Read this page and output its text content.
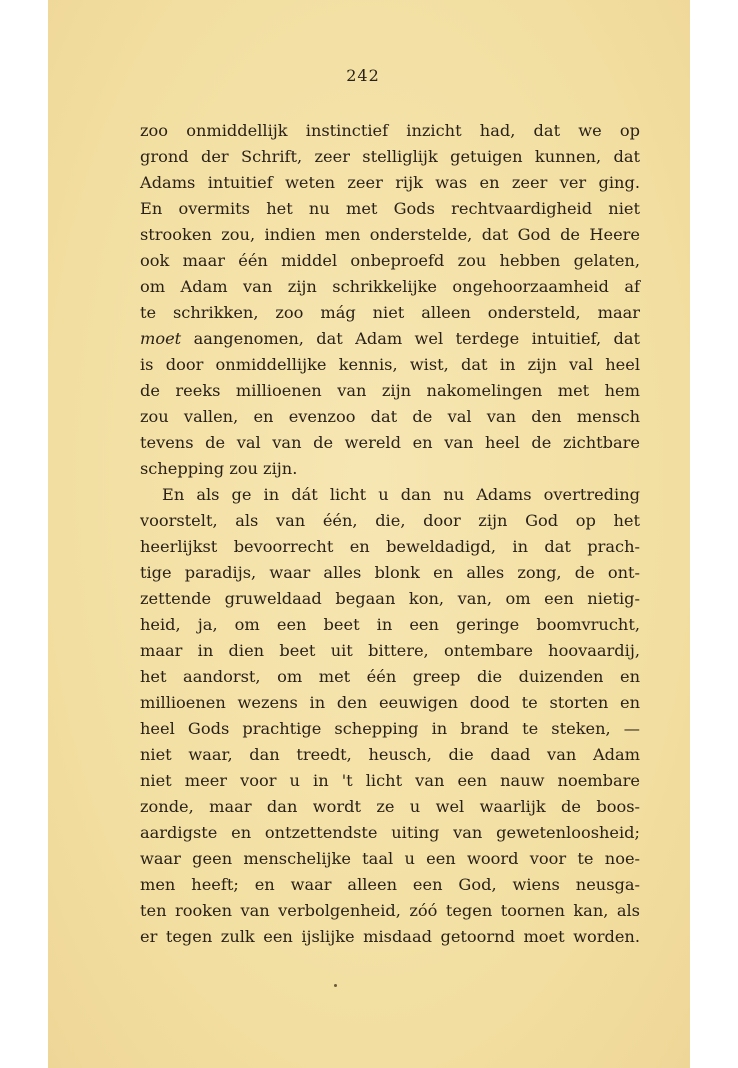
242
zoo onmiddellijk instinctief inzicht had, dat we op
grond der Schrift, zeer stelliglijk getuigen kunnen, dat
Adams intuitief weten zeer rijk was en zeer ver ging.
En overmits het nu met Gods rechtvaardigheid niet
strooken zou, indien men onderstelde, dat God de Heere
ook maar één middel onbeproefd zou hebben gelaten,
om Adam van zijn schrikkelijke ongehoorzaamheid af
te schrikken, zoo mág niet alleen ondersteld, maar
moet aangenomen, dat Adam wel terdege intuitief, dat
is door onmiddellijke kennis, wist, dat in zijn val heel
de reeks millioenen van zijn nakomelingen met hem
zou vallen, en evenzoo dat de val van den mensch
tevens de val van de wereld en van heel de zichtbare
schepping zou zijn.
En als ge in dát licht u dan nu Adams overtreding
voorstelt, als van één, die, door zijn God op het
heerlijkst bevoorrecht en beweldadigd, in dat prach-
tige paradijs, waar alles blonk en alles zong, de ont-
zettende gruweldaad begaan kon, van, om een nietig-
heid, ja, om een beet in een geringe boomvrucht,
maar in dien beet uit bittere, ontembare hoovaardij,
het aandorst, om met één greep die duizenden en
millioenen wezens in den eeuwigen dood te storten en
heel Gods prachtige schepping in brand te steken, —
niet waar, dan treedt, heusch, die daad van Adam
niet meer voor u in 't licht van een nauw noembare
zonde, maar dan wordt ze u wel waarlijk de boos-
aardigste en ontzettendste uiting van gewetenloosheid;
waar geen menschelijke taal u een woord voor te noe-
men heeft; en waar alleen een God, wiens neusga-
ten rooken van verbolgenheid, zóó tegen toornen kan, als
er tegen zulk een ijslijke misdaad getoornd moet worden.
